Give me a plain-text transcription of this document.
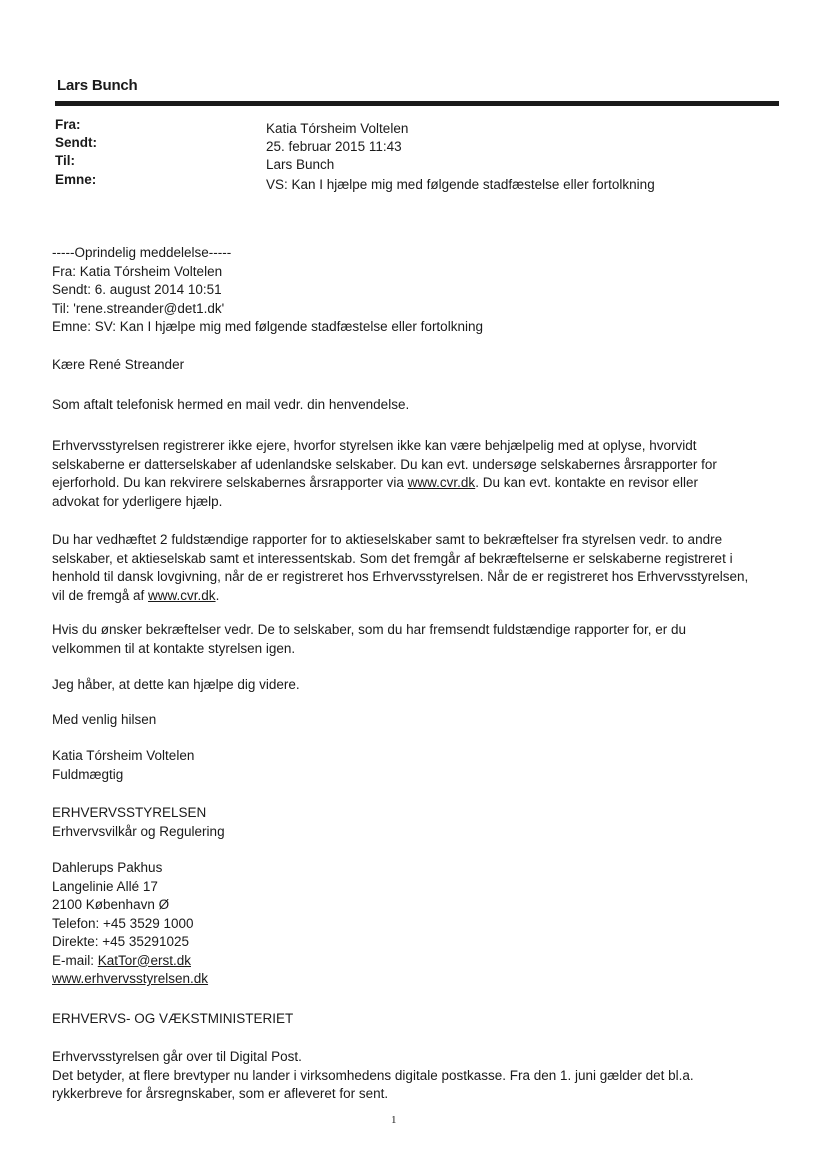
Lars Bunch
Fra:
Sendt:
Til:
Emne:
Katia Tórsheim Voltelen
25. februar 2015 11:43
Lars Bunch
VS: Kan I hjælpe mig med følgende stadfæstelse eller fortolkning
-----Oprindelig meddelelse-----
Fra: Katia Tórsheim Voltelen
Sendt: 6. august 2014 10:51
Til: 'rene.streander@det1.dk'
Emne: SV: Kan I hjælpe mig med følgende stadfæstelse eller fortolkning
Kære René Streander
Som aftalt telefonisk hermed en mail vedr. din henvendelse.
Erhvervsstyrelsen registrerer ikke ejere, hvorfor styrelsen ikke kan være behjælpelig med at oplyse, hvorvidt
selskaberne er datterselskaber af udenlandske selskaber. Du kan evt. undersøge selskabernes årsrapporter for
ejerforhold. Du kan rekvirere selskabernes årsrapporter via www.cvr.dk. Du kan evt. kontakte en revisor eller
advokat for yderligere hjælp.
Du har vedhæftet 2 fuldstændige rapporter for to aktieselskaber samt to bekræftelser fra styrelsen vedr. to andre
selskaber, et aktieselskab samt et interessentskab. Som det fremgår af bekræftelserne er selskaberne registreret i
henhold til dansk lovgivning, når de er registreret hos Erhvervsstyrelsen. Når de er registreret hos Erhvervsstyrelsen,
vil de fremgå af www.cvr.dk.
Hvis du ønsker bekræftelser vedr. De to selskaber, som du har fremsendt fuldstændige rapporter for, er du
velkommen til at kontakte styrelsen igen.
Jeg håber, at dette kan hjælpe dig videre.
Med venlig hilsen
Katia Tórsheim Voltelen
Fuldmægtig
ERHVERVSSTYRELSEN
Erhvervsvilkår og Regulering
Dahlerups Pakhus
Langelinie Allé 17
2100 København Ø
Telefon: +45 3529 1000
Direkte: +45 35291025
E-mail: KatTor@erst.dk
www.erhvervsstyrelsen.dk
ERHVERVS- OG VÆKSTMINISTERIET
Erhvervsstyrelsen går over til Digital Post.
Det betyder, at flere brevtyper nu lander i virksomhedens digitale postkasse. Fra den 1. juni gælder det bl.a.
rykkerbreve for årsregnskaber, som er afleveret for sent.
1
